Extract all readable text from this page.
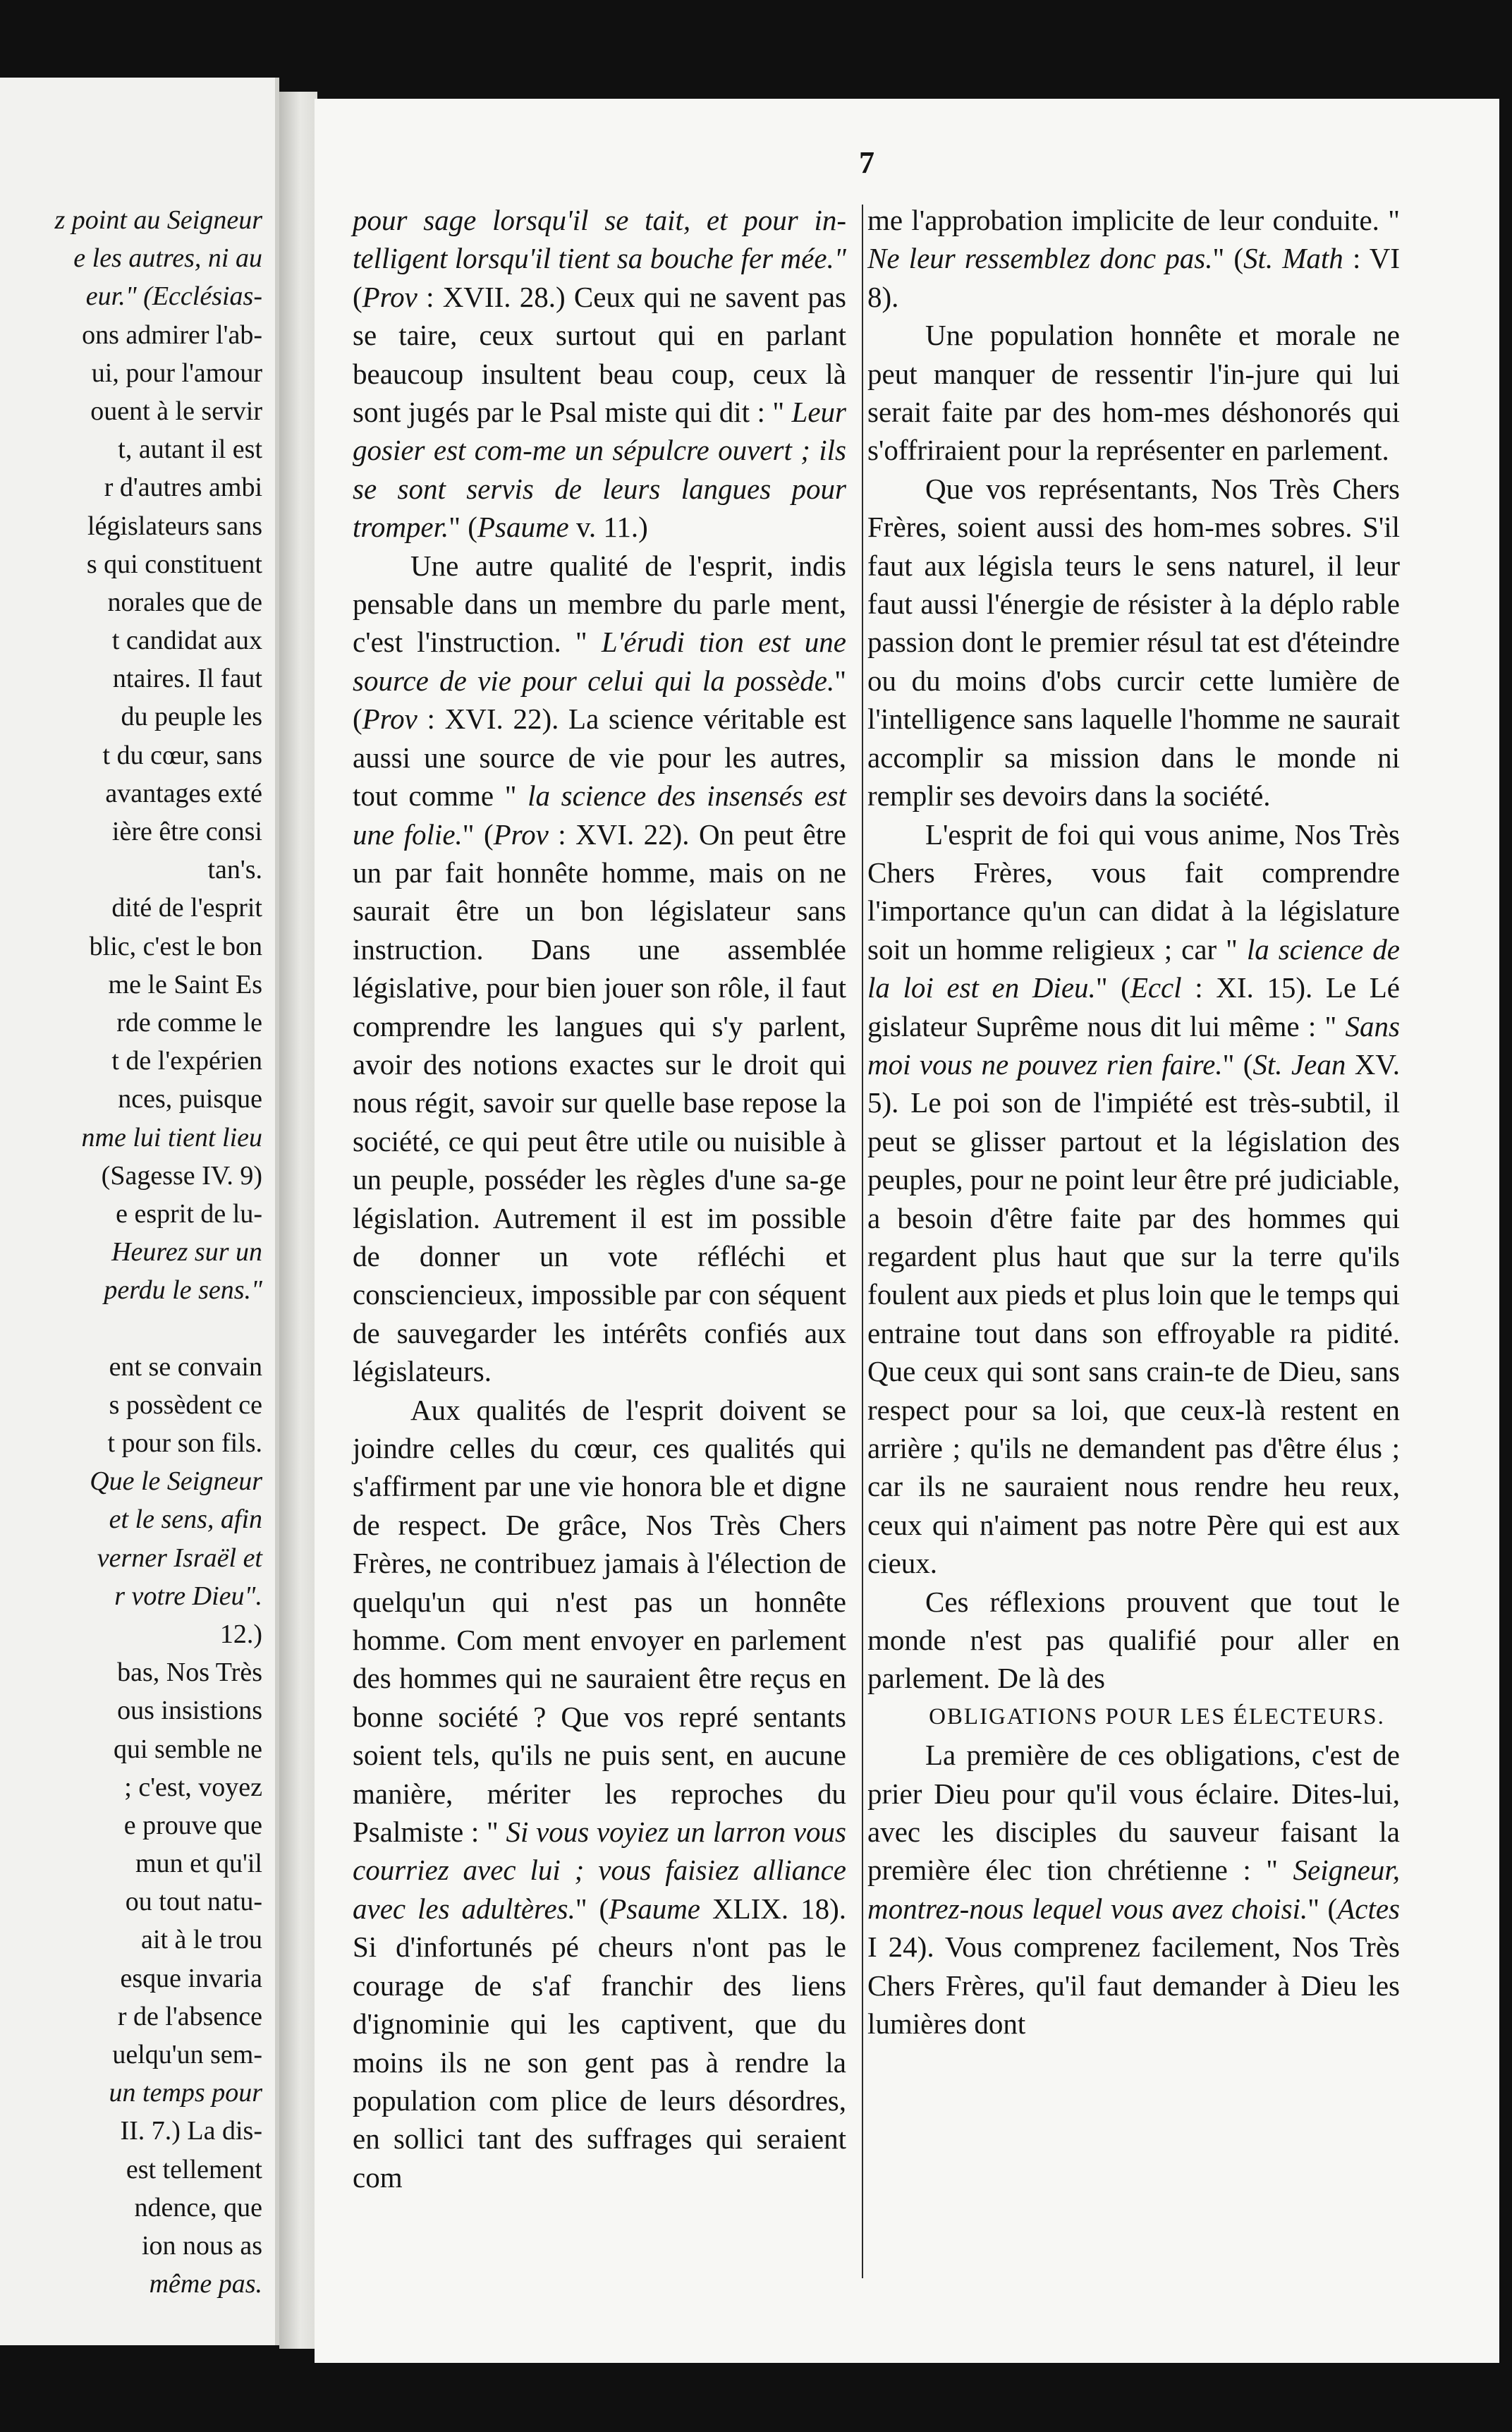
z point au Seigneur
e les autres, ni au
eur." (Ecclésias-
ons admirer l'ab-
ui, pour l'amour
ouent à le servir
t, autant il est
r d'autres ambi
législateurs sans
s qui constituent
norales que de
t candidat aux
ntaires. Il faut
du peuple les
t du cœur, sans
avantages exté
ière être consi
tan's.
dité de l'esprit
blic, c'est le bon
me le Saint Es
rde comme le
t de l'expérien
nces, puisque
nme lui tient lieu
(Sagesse IV. 9)
e esprit de lu-
Heurez sur un
perdu le sens."
ent se convain
s possèdent ce
t pour son fils.
Que le Seigneur
et le sens, afin
verner Israël et
r votre Dieu".
12.)
bas, Nos Très
ous insistions
qui semble ne
; c'est, voyez
e prouve que
mun et qu'il
ou tout natu-
ait à le trou
esque invaria
r de l'absence
uelqu'un sem-
un temps pour
II. 7.) La dis-
est tellement
ndence, que
ion nous as
même pas.
7

pour sage lorsqu'il se tait, et pour in-telligent lorsqu'il tient sa bouche fer mée." (Prov : XVII. 28.) Ceux qui ne savent pas se taire, ceux surtout qui en parlant beaucoup insultent beau coup, ceux là sont jugés par le Psal miste qui dit : " Leur gosier est com-me un sépulcre ouvert ; ils se sont servis de leurs langues pour tromper." (Psaume v. 11.)

Une autre qualité de l'esprit, indis pensable dans un membre du parle ment, c'est l'instruction. " L'érudi tion est une source de vie pour celui qui la possède." (Prov : XVI. 22). La science véritable est aussi une source de vie pour les autres, tout comme " la science des insensés est une folie." (Prov : XVI. 22). On peut être un par fait honnête homme, mais on ne saurait être un bon législateur sans instruction. Dans une assemblée législative, pour bien jouer son rôle, il faut comprendre les langues qui s'y parlent, avoir des notions exactes sur le droit qui nous régit, savoir sur quelle base repose la société, ce qui peut être utile ou nuisible à un peuple, posséder les règles d'une sa-ge législation. Autrement il est im possible de donner un vote réfléchi et consciencieux, impossible par con séquent de sauvegarder les intérêts confiés aux législateurs.

Aux qualités de l'esprit doivent se joindre celles du cœur, ces qualités qui s'affirment par une vie honora ble et digne de respect. De grâce, Nos Très Chers Frères, ne contribuez jamais à l'élection de quelqu'un qui n'est pas un honnête homme. Com ment envoyer en parlement des hommes qui ne sauraient être reçus en bonne société ? Que vos repré sentants soient tels, qu'ils ne puis sent, en aucune manière, mériter les reproches du Psalmiste : " Si vous voyiez un larron vous courriez avec lui ; vous faisiez alliance avec les adultères." (Psaume XLIX. 18). Si d'infortunés pé cheurs n'ont pas le courage de s'af franchir des liens d'ignominie qui les captivent, que du moins ils ne son gent pas à rendre la population com plice de leurs désordres, en sollici tant des suffrages qui seraient com

me l'approbation implicite de leur conduite. " Ne leur ressemblez donc pas." (St. Math : VI 8).

Une population honnête et morale ne peut manquer de ressentir l'in-jure qui lui serait faite par des hom-mes déshonorés qui s'offriraient pour la représenter en parlement.

Que vos représentants, Nos Très Chers Frères, soient aussi des hom-mes sobres. S'il faut aux législa teurs le sens naturel, il leur faut aussi l'énergie de résister à la déplo rable passion dont le premier résul tat est d'éteindre ou du moins d'obs curcir cette lumière de l'intelligence sans laquelle l'homme ne saurait accomplir sa mission dans le monde ni remplir ses devoirs dans la société.

L'esprit de foi qui vous anime, Nos Très Chers Frères, vous fait comprendre l'importance qu'un can didat à la législature soit un homme religieux ; car " la science de la loi est en Dieu." (Eccl : XI. 15). Le Lé gislateur Suprême nous dit lui même : " Sans moi vous ne pouvez rien faire." (St. Jean XV. 5). Le poi son de l'impiété est très-subtil, il peut se glisser partout et la législation des peuples, pour ne point leur être pré judiciable, a besoin d'être faite par des hommes qui regardent plus haut que sur la terre qu'ils foulent aux pieds et plus loin que le temps qui entraine tout dans son effroyable ra pidité. Que ceux qui sont sans crain-te de Dieu, sans respect pour sa loi, que ceux-là restent en arrière ; qu'ils ne demandent pas d'être élus ; car ils ne sauraient nous rendre heu reux, ceux qui n'aiment pas notre Père qui est aux cieux.

Ces réflexions prouvent que tout le monde n'est pas qualifié pour aller en parlement. De là des

OBLIGATIONS POUR LES ÉLECTEURS.

La première de ces obligations, c'est de prier Dieu pour qu'il vous éclaire. Dites-lui, avec les disciples du sauveur faisant la première élec tion chrétienne : " Seigneur, montrez-nous lequel vous avez choisi." (Actes I 24). Vous comprenez facilement, Nos Très Chers Frères, qu'il faut demander à Dieu les lumières dont
